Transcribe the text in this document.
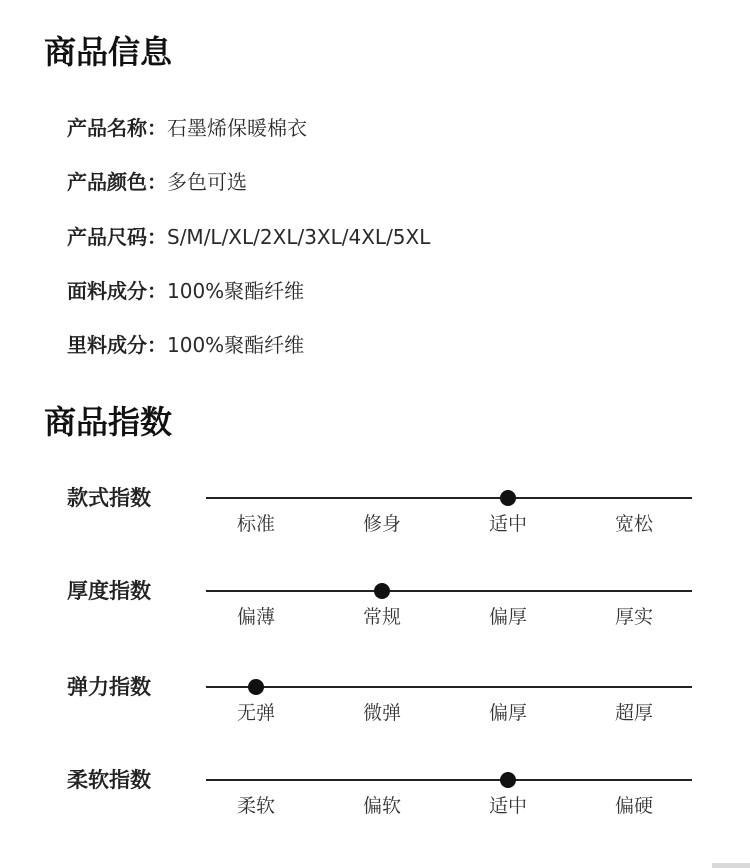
商品信息
产品名称：石墨烯保暖棉衣
产品颜色：多色可选
产品尺码：S/M/L/XL/2XL/3XL/4XL/5XL
面料成分：100%聚酯纤维
里料成分：100%聚酯纤维
商品指数
款式指数
标准	修身	适中	宽松
厚度指数
偏薄	常规	偏厚	厚实
弹力指数
无弹	微弹	偏厚	超厚
柔软指数
柔软	偏软	适中	偏硬
